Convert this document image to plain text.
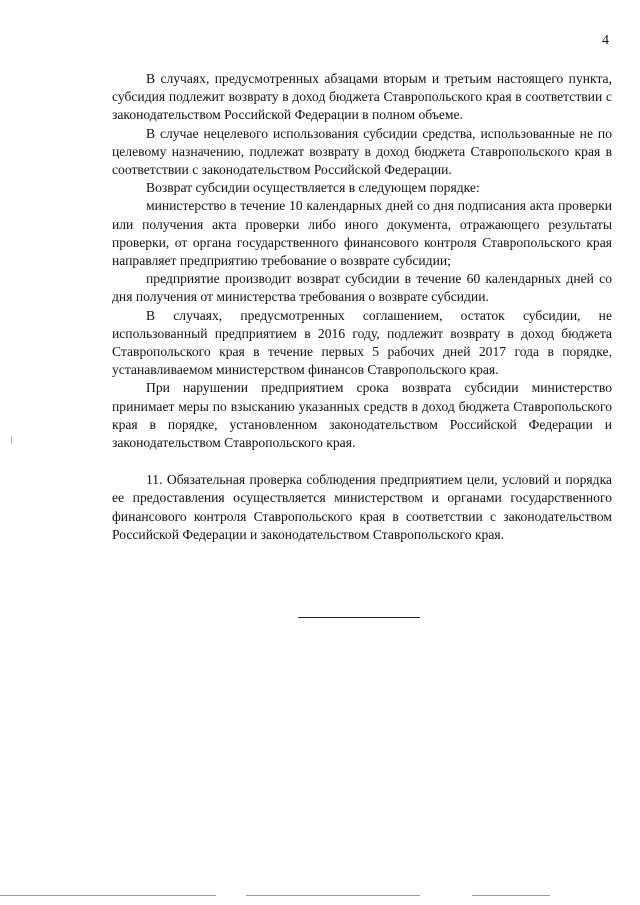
4

В случаях, предусмотренных абзацами вторым и третьим настоящего пункта, субсидия подлежит возврату в доход бюджета Ставропольского края в соответствии с законодательством Российской Федерации в полном объеме.

В случае нецелевого использования субсидии средства, использованные не по целевому назначению, подлежат возврату в доход бюджета Ставропольского края в соответствии с законодательством Российской Федерации.

Возврат субсидии осуществляется в следующем порядке:

министерство в течение 10 календарных дней со дня подписания акта проверки или получения акта проверки либо иного документа, отражающего результаты проверки, от органа государственного финансового контроля Ставропольского края направляет предприятию требование о возврате субсидии;

предприятие производит возврат субсидии в течение 60 календарных дней со дня получения от министерства требования о возврате субсидии.

В случаях, предусмотренных соглашением, остаток субсидии, не использованный предприятием в 2016 году, подлежит возврату в доход бюджета Ставропольского края в течение первых 5 рабочих дней 2017 года в порядке, устанавливаемом министерством финансов Ставропольского края.

При нарушении предприятием срока возврата субсидии министерство принимает меры по взысканию указанных средств в доход бюджета Ставропольского края в порядке, установленном законодательством Российской Федерации и законодательством Ставропольского края.

11. Обязательная проверка соблюдения предприятием цели, условий и порядка ее предоставления осуществляется министерством и органами государственного финансового контроля Ставропольского края в соответствии с законодательством Российской Федерации и законодательством Ставропольского края.
